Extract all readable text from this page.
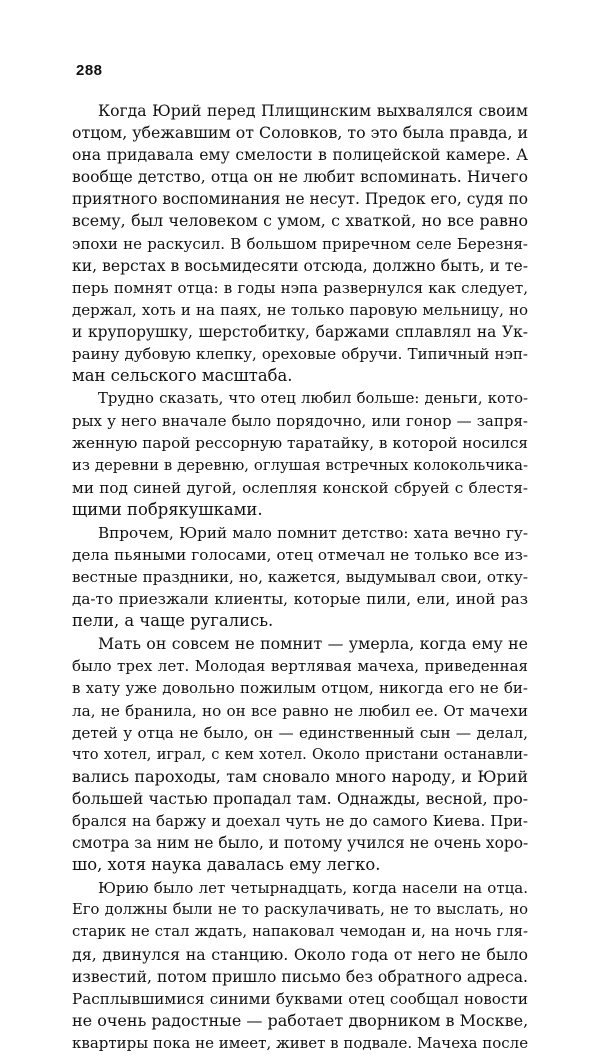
288

Когда Юрий перед Плищинским выхвалялся своим
отцом, убежавшим от Соловков, то это была правда, и
она придавала ему смелости в полицейской камере. А
вообще детство, отца он не любит вспоминать. Ничего
приятного воспоминания не несут. Предок его, судя по
всему, был человеком с умом, с хваткой, но все равно
эпохи не раскусил. В большом приречном селе Березня-
ки, верстах в восьмидесяти отсюда, должно быть, и те-
перь помнят отца: в годы нэпа развернулся как следует,
держал, хоть и на паях, не только паровую мельницу, но
и крупорушку, шерстобитку, баржами сплавлял на Ук-
раину дубовую клепку, ореховые обручи. Типичный нэп-
ман сельского масштаба.

Трудно сказать, что отец любил больше: деньги, кото-
рых у него вначале было порядочно, или гонор — запря-
женную парой рессорную таратайку, в которой носился
из деревни в деревню, оглушая встречных колокольчика-
ми под синей дугой, ослепляя конской сбруей с блестя-
щими побрякушками.

Впрочем, Юрий мало помнит детство: хата вечно гу-
дела пьяными голосами, отец отмечал не только все из-
вестные праздники, но, кажется, выдумывал свои, отку-
да-то приезжали клиенты, которые пили, ели, иной раз
пели, а чаще ругались.

Мать он совсем не помнит — умерла, когда ему не
было трех лет. Молодая вертлявая мачеха, приведенная
в хату уже довольно пожилым отцом, никогда его не би-
ла, не бранила, но он все равно не любил ее. От мачехи
детей у отца не было, он — единственный сын — делал,
что хотел, играл, с кем хотел. Около пристани останавли-
вались пароходы, там сновало много народу, и Юрий
большей частью пропадал там. Однажды, весной, про-
брался на баржу и доехал чуть не до самого Киева. При-
смотра за ним не было, и потому учился не очень хоро-
шо, хотя наука давалась ему легко.

Юрию было лет четырнадцать, когда насели на отца.
Его должны были не то раскулачивать, не то выслать, но
старик не стал ждать, напаковал чемодан и, на ночь гля-
дя, двинулся на станцию. Около года от него не было
известий, потом пришло письмо без обратного адреса.
Расплывшимися синими буквами отец сообщал новости
не очень радостные — работает дворником в Москве,
квартиры пока не имеет, живет в подвале. Мачеха после
